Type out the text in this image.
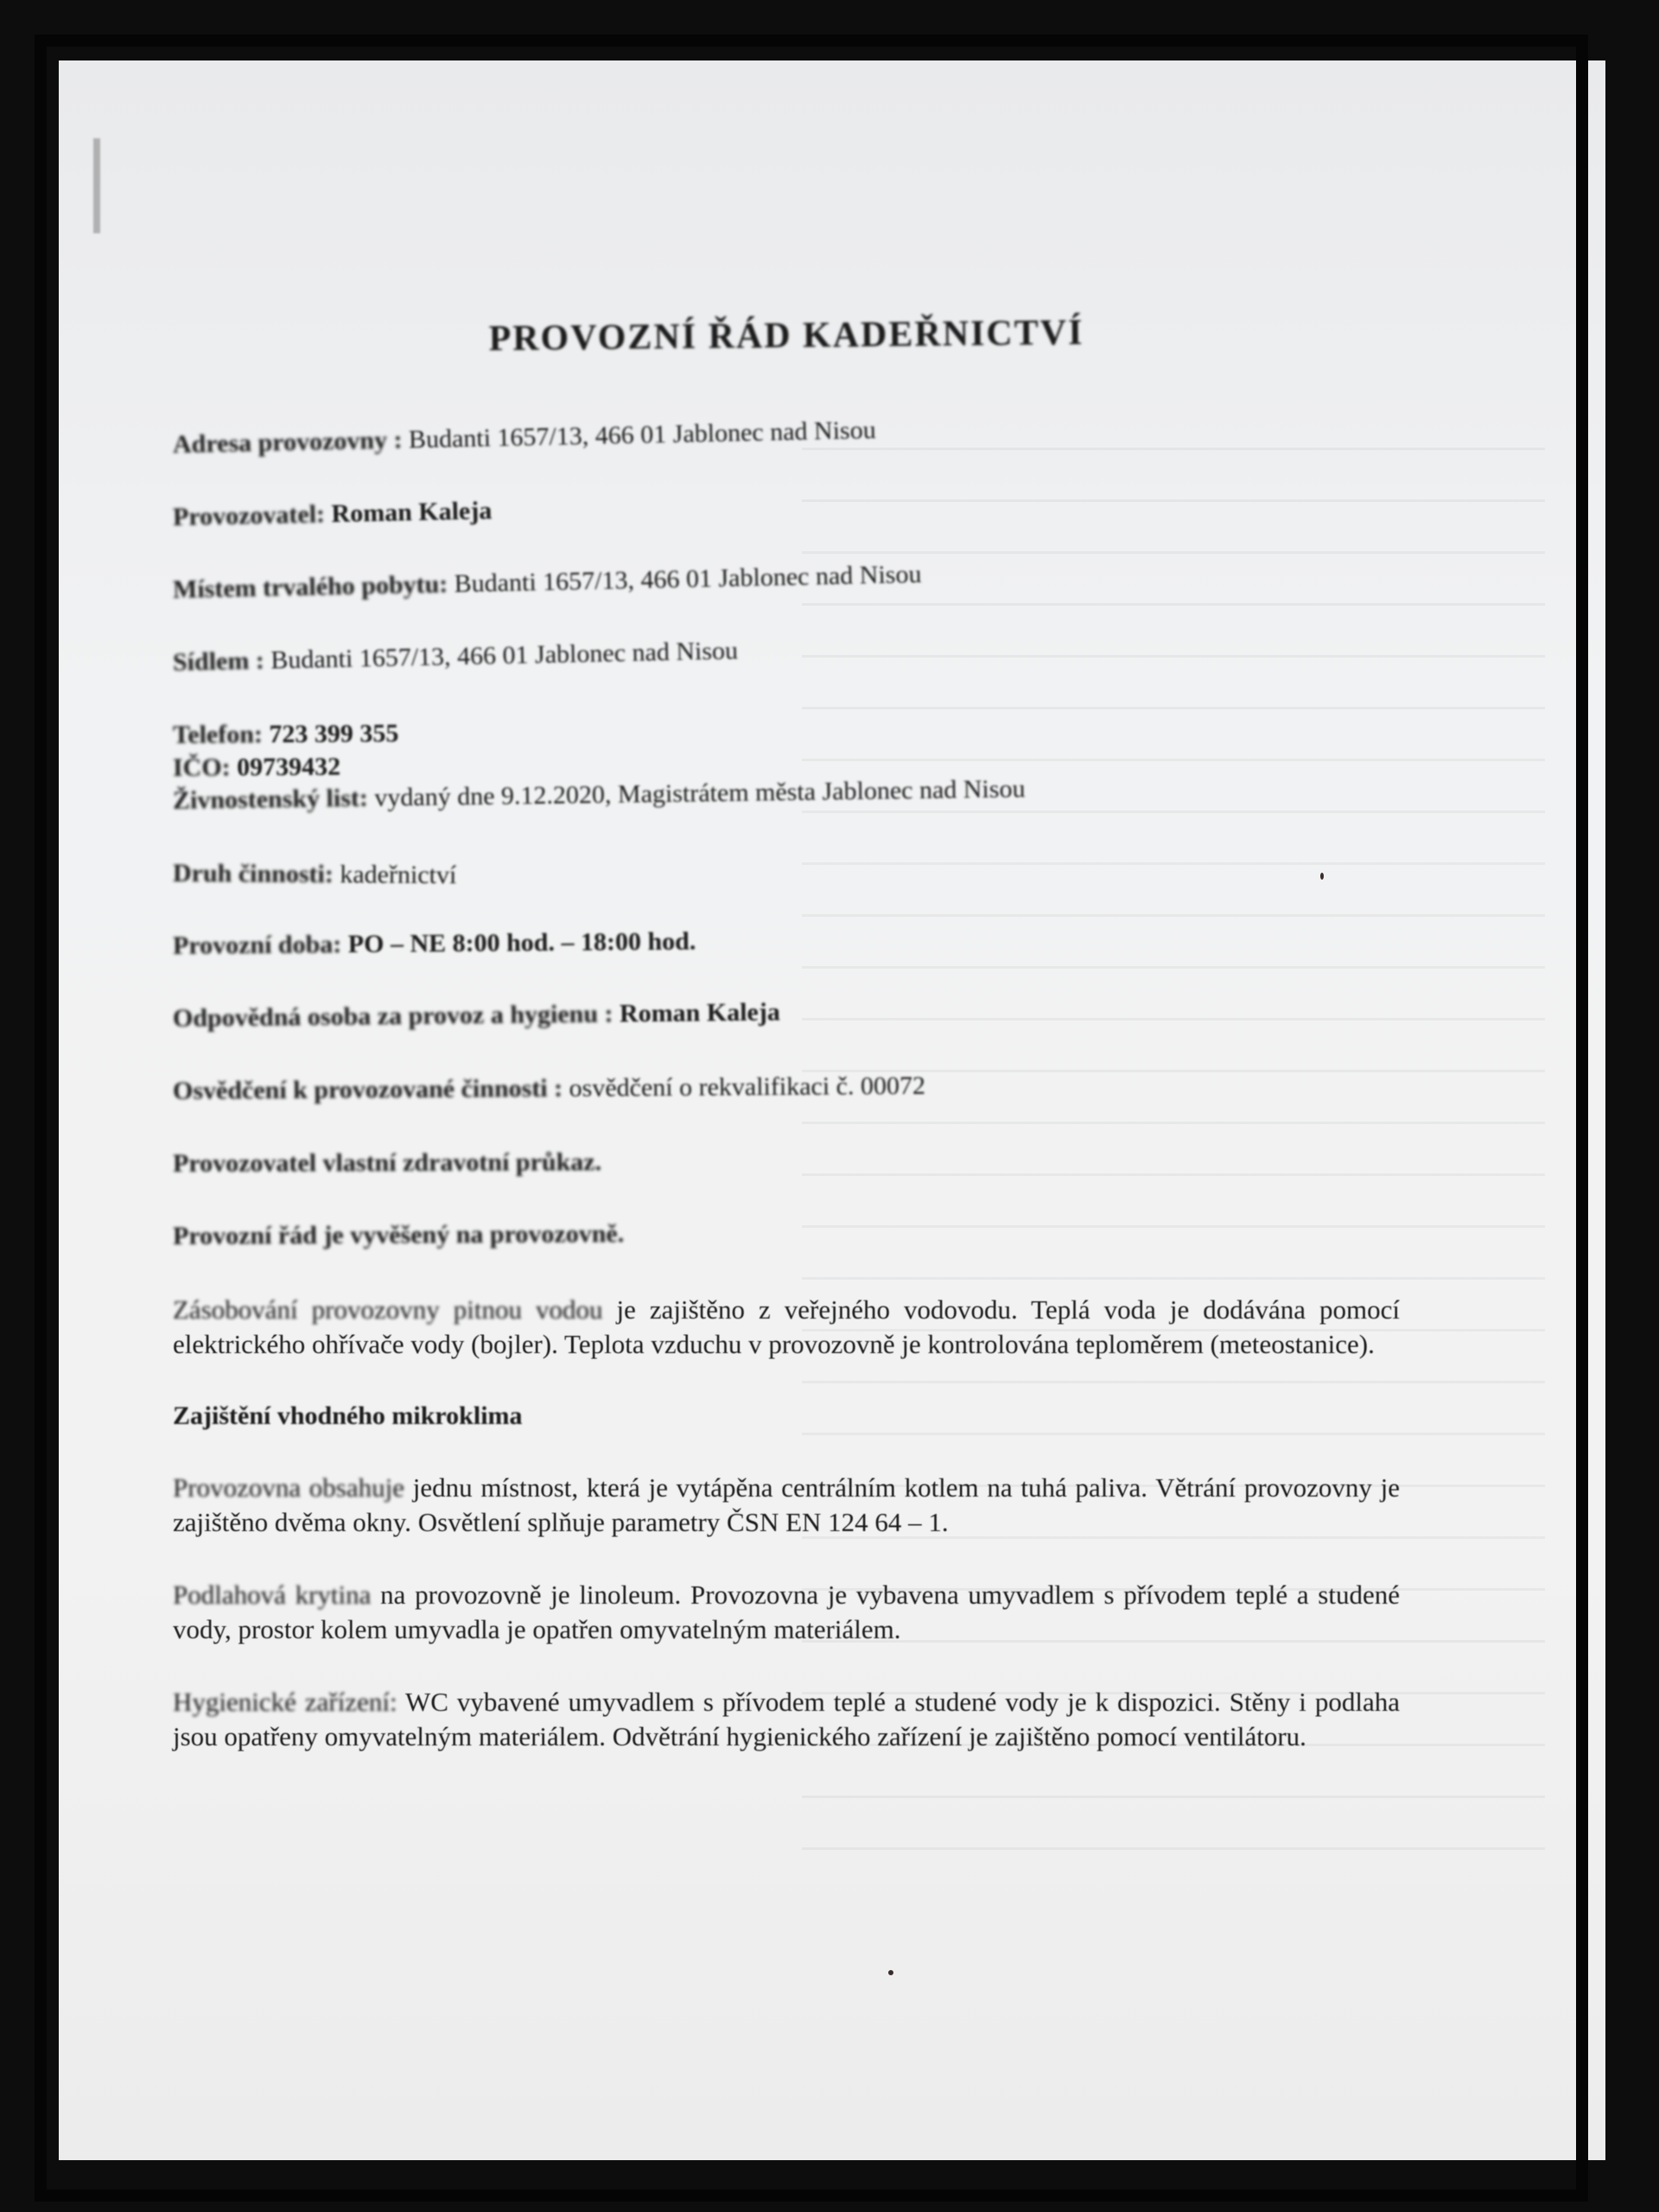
PROVOZNÍ ŘÁD KADEŘNICTVÍ
Adresa provozovny : Budanti 1657/13, 466 01 Jablonec nad Nisou
Provozovatel: Roman Kaleja
Místem trvalého pobytu: Budanti 1657/13, 466 01 Jablonec nad Nisou
Sídlem : Budanti 1657/13, 466 01 Jablonec nad Nisou
Telefon: 723 399 355
IČO: 09739432
Živnostenský list: vydaný dne 9.12.2020, Magistrátem města Jablonec nad Nisou
Druh činnosti: kadeřnictví
Provozní doba: PO – NE 8:00 hod. – 18:00 hod.
Odpovědná osoba za provoz a hygienu : Roman Kaleja
Osvědčení k provozované činnosti : osvědčení o rekvalifikaci č. 00072
Provozovatel vlastní zdravotní průkaz.
Provozní řád je vyvěšený na provozovně.

Zásobování provozovny pitnou vodou je zajištěno z veřejného vodovodu. Teplá voda je dodávána pomocí elektrického ohřívače vody (bojler). Teplota vzduchu v provozovně je kontrolována teploměrem (meteostanice).

Zajištění vhodného mikroklima

Provozovna obsahuje jednu místnost, která je vytápěna centrálním kotlem na tuhá paliva. Větrání provozovny je zajištěno dvěma okny. Osvětlení splňuje parametry ČSN EN 124 64 – 1.

Podlahová krytina na provozovně je linoleum. Provozovna je vybavena umyvadlem s přívodem teplé a studené vody, prostor kolem umyvadla je opatřen omyvatelným materiálem.

Hygienické zařízení: WC vybavené umyvadlem s přívodem teplé a studené vody je k dispozici. Stěny i podlaha jsou opatřeny omyvatelným materiálem. Odvětrání hygienického zařízení je zajištěno pomocí ventilátoru.
